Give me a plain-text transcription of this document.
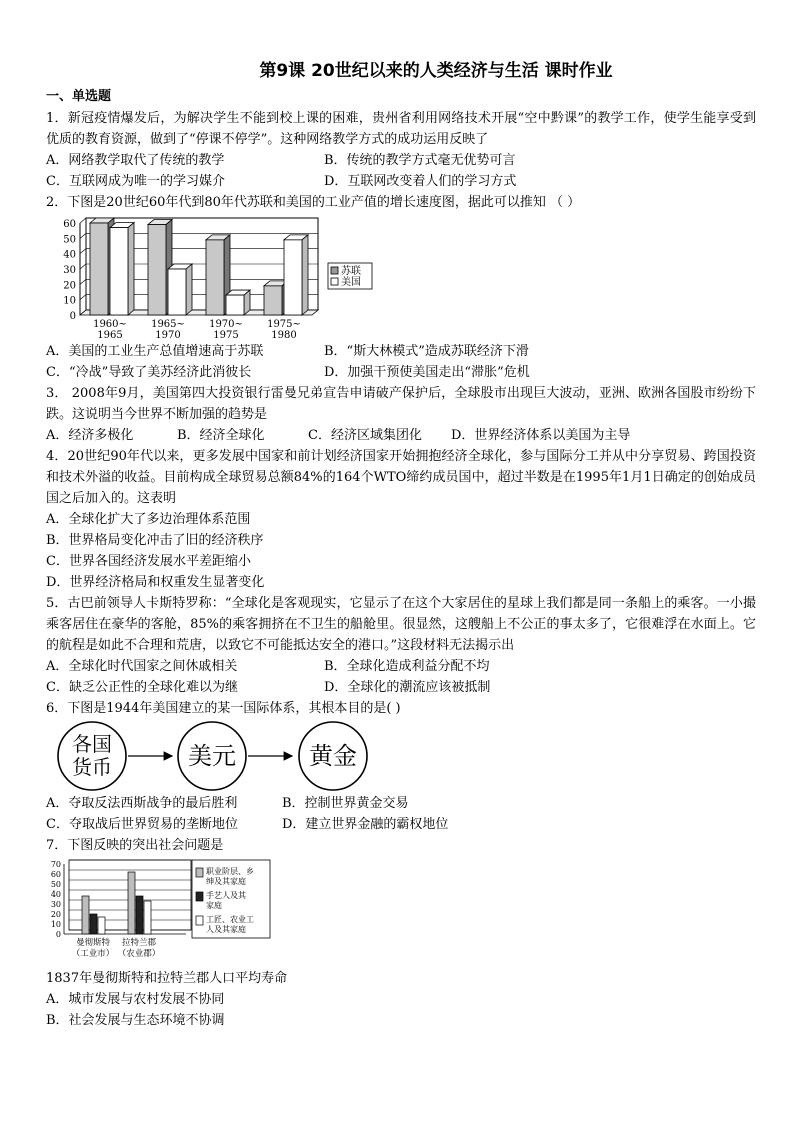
第9课 20世纪以来的人类经济与生活 课时作业
一、单选题
1．新冠疫情爆发后，为解决学生不能到校上课的困难，贵州省利用网络技术开展“空中黔课”的教学工作，使学生能享受到优质的教育资源，做到了“停课不停学”。这种网络教学方式的成功运用反映了
A．网络教学取代了传统的教学	B．传统的教学方式毫无优势可言
C．互联网成为唯一的学习媒介	D．互联网改变着人们的学习方式
2．下图是20世纪60年代到80年代苏联和美国的工业产值的增长速度图，据此可以推知 （ ）
0
10
20
30
40
50
60
1960~
1965
1965~
1970
1970~
1975
1975~
1980
苏联
美国
A．美国的工业生产总值增速高于苏联	B．“斯大林模式”造成苏联经济下滑
C．“冷战”导致了美苏经济此消彼长	D．加强干预使美国走出“滞胀”危机
3． 2008年9月，美国第四大投资银行雷曼兄弟宣告申请破产保护后，全球股市出现巨大波动，亚洲、欧洲各国股市纷纷下跌。这说明当今世界不断加强的趋势是
A．经济多极化	B．经济全球化	C．经济区域集团化	D．世界经济体系以美国为主导
4．20世纪90年代以来，更多发展中国家和前计划经济国家开始拥抱经济全球化，参与国际分工并从中分享贸易、跨国投资和技术外溢的收益。目前构成全球贸易总额84%的164个WTO缔约成员国中，超过半数是在1995年1月1日确定的创始成员国之后加入的。这表明
A．全球化扩大了多边治理体系范围
B．世界格局变化冲击了旧的经济秩序
C．世界各国经济发展水平差距缩小
D．世界经济格局和权重发生显著变化
5．古巴前领导人卡斯特罗称：“全球化是客观现实，它显示了在这个大家居住的星球上我们都是同一条船上的乘客。一小撮乘客居住在豪华的客舱，85%的乘客拥挤在不卫生的船舱里。很显然，这艘船上不公正的事太多了，它很难浮在水面上。它的航程是如此不合理和荒唐，以致它不可能抵达安全的港口。”这段材料无法揭示出
A．全球化时代国家之间休戚相关	B．全球化造成利益分配不均
C．缺乏公正性的全球化难以为继	D．全球化的潮流应该被抵制
6．下图是1944年美国建立的某一国际体系，其根本目的是( )
各国
货币	美元	黄金
A．夺取反法西斯战争的最后胜利	B．控制世界黄金交易
C．夺取战后世界贸易的垄断地位	D．建立世界金融的霸权地位
7．下图反映的突出社会问题是
0
10
20
30
40
50
60
70
曼彻斯特
（工业市）
拉特兰郡
（农业郡）
职业阶层、乡绅及其家庭
手艺人及其家庭
工匠、农业工人及其家庭
1837年曼彻斯特和拉特兰郡人口平均寿命
A．城市发展与农村发展不协同
B．社会发展与生态环境不协调
